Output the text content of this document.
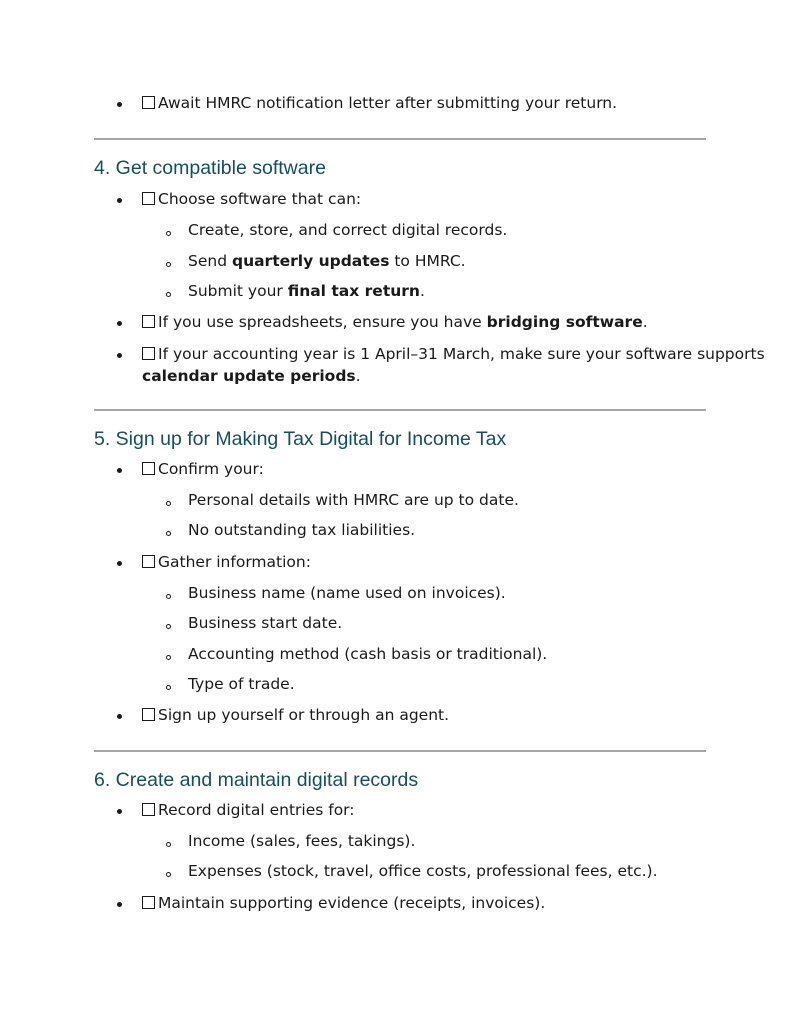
Await HMRC notification letter after submitting your return.
4. Get compatible software
Choose software that can:
Create, store, and correct digital records.
Send quarterly updates to HMRC.
Submit your final tax return.
If you use spreadsheets, ensure you have bridging software.
If your accounting year is 1 April–31 March, make sure your software supports
calendar update periods.
5. Sign up for Making Tax Digital for Income Tax
Confirm your:
Personal details with HMRC are up to date.
No outstanding tax liabilities.
Gather information:
Business name (name used on invoices).
Business start date.
Accounting method (cash basis or traditional).
Type of trade.
Sign up yourself or through an agent.
6. Create and maintain digital records
Record digital entries for:
Income (sales, fees, takings).
Expenses (stock, travel, office costs, professional fees, etc.).
Maintain supporting evidence (receipts, invoices).
